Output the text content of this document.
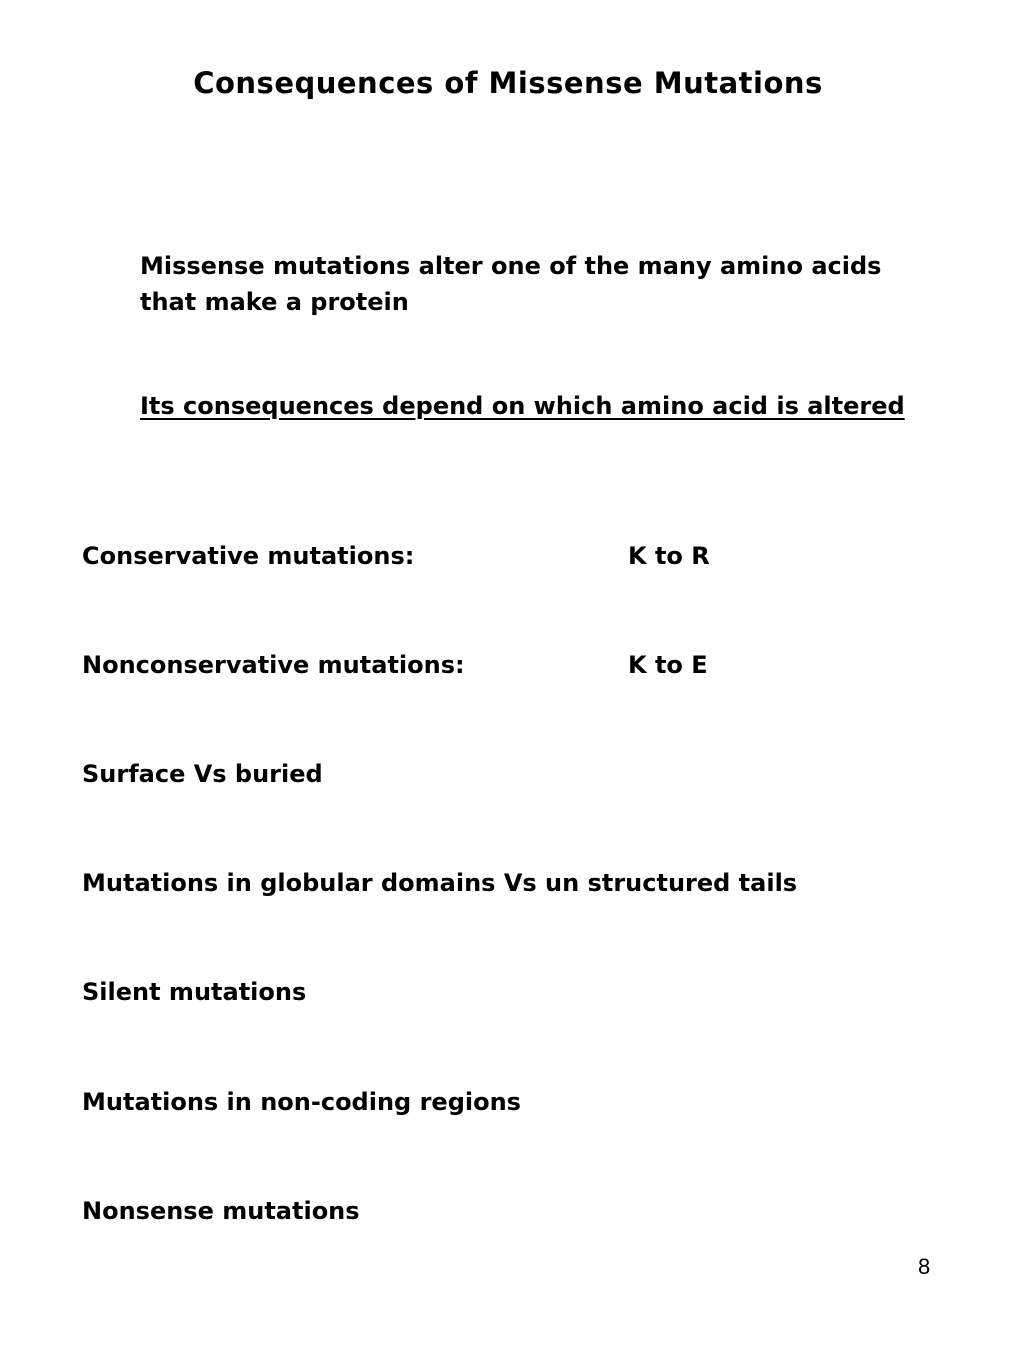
Consequences of Missense Mutations
Missense mutations alter one of the many amino acids
that make a protein
Its consequences depend on which amino acid is altered
Conservative mutations:	K to R
Nonconservative mutations:	K to E
Surface Vs buried
Mutations in globular domains Vs un structured tails
Silent mutations
Mutations in non-coding regions
Nonsense mutations
8
